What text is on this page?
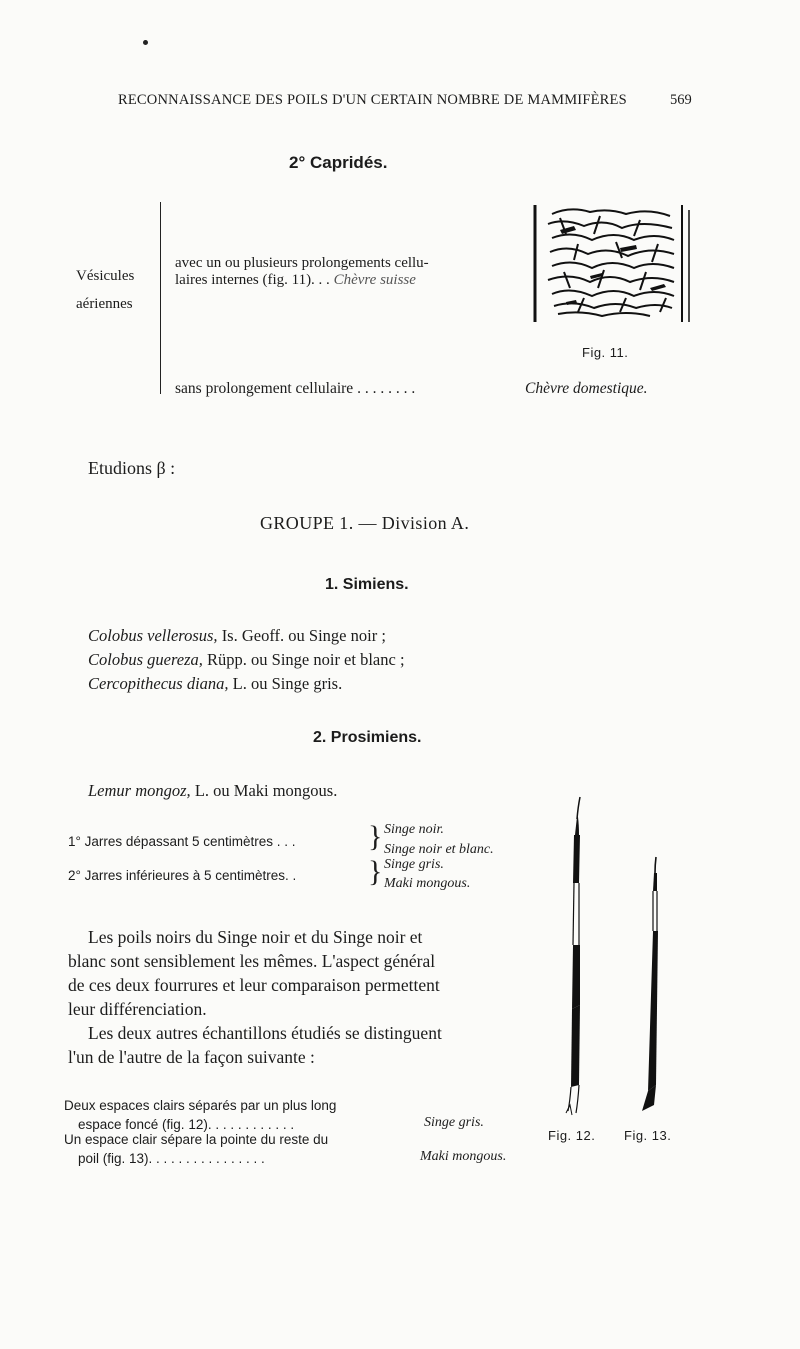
RECONNAISSANCE DES POILS D'UN CERTAIN NOMBRE DE MAMMIFÈRES	569
2° Capridés.
Vésicules
aériennes
avec un ou plusieurs prolongements cellu-
laires internes (fig. 11). . . Chèvre suisse
sans prolongement cellulaire . . . . . . . .	Chèvre domestique.
Fig. 11.
Etudions β :
GROUPE 1. — Division A.
1. Simiens.
Colobus vellerosus, Is. Geoff. ou Singe noir ;
Colobus guereza, Rüpp. ou Singe noir et blanc ;
Cercopithecus diana, L. ou Singe gris.
2. Prosimiens.
Lemur mongoz, L. ou Maki mongous.
1° Jarres dépassant 5 centimètres . . . } Singe noir.
Singe noir et blanc.
2° Jarres inférieures à 5 centimètres. . } Singe gris.
Maki mongous.
Les poils noirs du Singe noir et du Singe noir et
blanc sont sensiblement les mêmes. L'aspect général
de ces deux fourrures et leur comparaison permettent
leur différenciation.
Les deux autres échantillons étudiés se distinguent
l'un de l'autre de la façon suivante :
Deux espaces clairs séparés par un plus long
espace foncé (fig. 12). . . . . . . . . . . .	Singe gris.
Un espace clair sépare la pointe du reste du
poil (fig. 13). . . . . . . . . . . . . . . .	Maki mongous.
Fig. 12. Fig. 13.
